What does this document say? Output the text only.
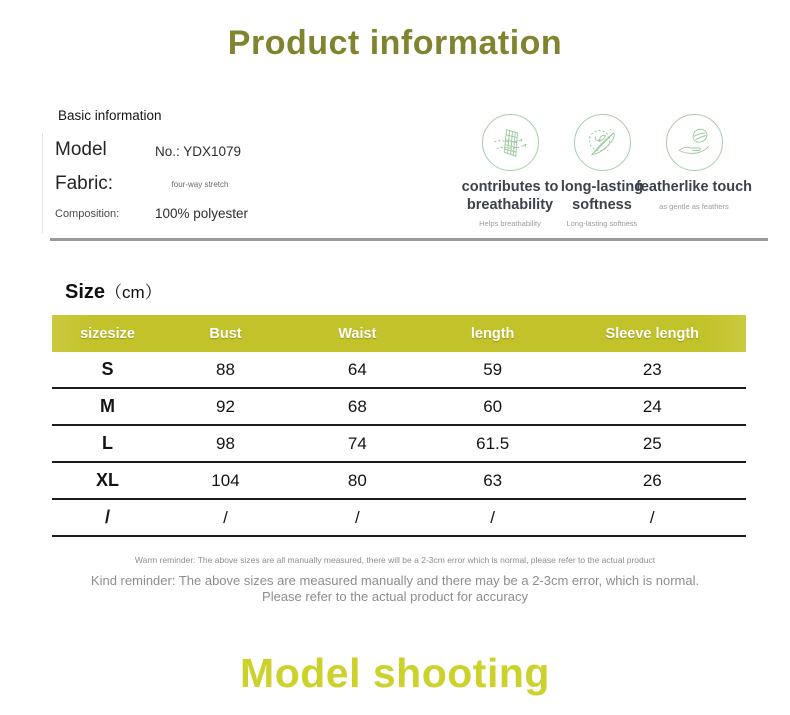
Product information
Basic information
Model	No.: YDX1079
Fabric:	four-way stretch
Composition:	100% polyester
contributes to breathability
Helps breathability
long-lasting softness
Long-lasting softness
featherlike touch
as gentle as feathers
Size（cm）
sizesize	Bust	Waist	length	Sleeve length
S	88	64	59	23
M	92	68	60	24
L	98	74	61.5	25
XL	104	80	63	26
/	/	/	/	/
Warm reminder: The above sizes are all manually measured, there will be a 2-3cm error which is normal, please refer to the actual product
Kind reminder: The above sizes are measured manually and there may be a 2-3cm error, which is normal.
Please refer to the actual product for accuracy
Model shooting
